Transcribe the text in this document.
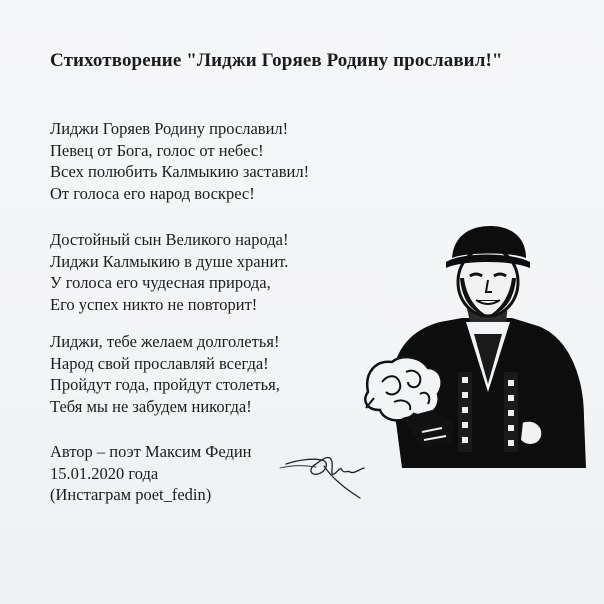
Стихотворение "Лиджи Горяев Родину прославил!"
Лиджи Горяев Родину прославил!
Певец от Бога, голос от небес!
Всех полюбить Калмыкию заставил!
От голоса его народ воскрес!
Достойный сын Великого народа!
Лиджи Калмыкию в душе хранит.
У голоса его чудесная природа,
Его успех никто не повторит!
Лиджи, тебе желаем долголетья!
Народ свой прославляй всегда!
Пройдут года, пройдут столетья,
Тебя мы не забудем никогда!
Автор – поэт Максим Федин
15.01.2020 года
(Инстаграм poet_fedin)
